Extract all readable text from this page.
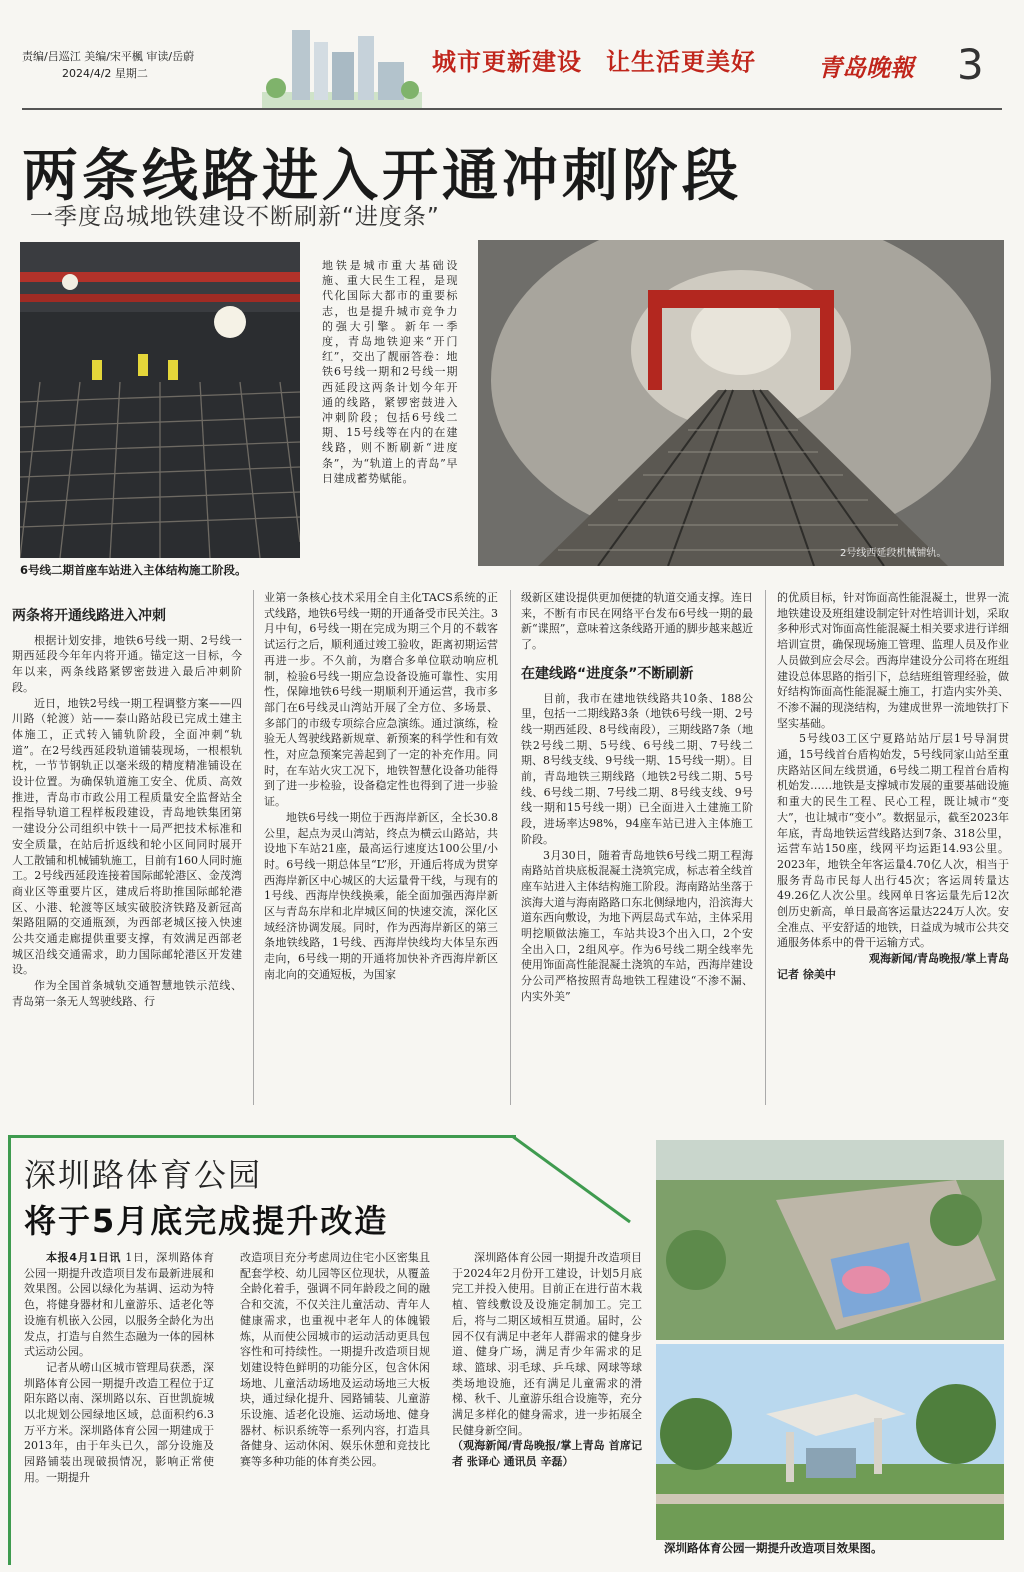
责编/吕巡江 美编/宋平楓 审读/岳蔚
2024/4/2 星期二	城市更新建设 让生活更美好	青岛晚報 3
两条线路进入开通冲刺阶段
一季度岛城地铁建设不断刷新“进度条”
6号线二期首座车站进入主体结构施工阶段。
地铁是城市重大基础设施、重大民生工程，是现代化国际大都市的重要标志，也是提升城市竞争力的强大引擎。新年一季度，青岛地铁迎来“开门红”，交出了靓丽答卷：地铁6号线一期和2号线一期西延段这两条计划今年开通的线路，紧锣密鼓进入冲刺阶段；包括6号线二期、15号线等在内的在建线路，则不断刷新“进度条”，为“轨道上的青岛”早日建成蓄势赋能。
2号线西延段机械铺轨。
两条将开通线路进入冲刺

根据计划安排，地铁6号线一期、2号线一期西延段今年年内将开通。锚定这一目标，今年以来，两条线路紧锣密鼓进入最后冲刺阶段。

近日，地铁2号线一期工程调整方案——四川路（轮渡）站——泰山路站段已完成土建主体施工，正式转入铺轨阶段，全面冲刺“轨道”。在2号线西延段轨道铺装现场，一根根轨枕，一节节钢轨正以毫米级的精度精准铺设在设计位置。为确保轨道施工安全、优质、高效推进，青岛市市政公用工程质量安全监督站全程指导轨道工程样板段建设，青岛地铁集团第一建设分公司组织中铁十一局严把技术标准和安全质量，在站后折返线和轮小区间同时展开人工散铺和机械铺轨施工，目前有160人同时施工。2号线西延段连接着国际邮轮港区、金茂湾商业区等重要片区，建成后将助推国际邮轮港区、小港、轮渡等区域实破胶济铁路及新冠高架路阻隔的交通瓶颈，为西部老城区接入快速公共交通走廊提供重要支撑，有效满足西部老城区沿线交通需求，助力国际邮轮港区开发建设。

作为全国首条城轨交通智慧地铁示范线、青岛第一条无人驾驶线路、行

业第一条核心技术采用全自主化TACS系统的正式线路，地铁6号线一期的开通备受市民关注。3月中旬，6号线一期在完成为期三个月的不载客试运行之后，顺利通过竣工验收，距离初期运营再进一步。不久前，为磨合多单位联动响应机制，检验6号线一期应急设备设施可靠性、实用性，保障地铁6号线一期顺利开通运营，我市多部门在6号线灵山湾站开展了全方位、多场景、多部门的市级专项综合应急演练。通过演练，检验无人驾驶线路新规章、新预案的科学性和有效性，对应急预案完善起到了一定的补充作用。同时，在车站火灾工况下，地铁智慧化设备功能得到了进一步检验，设备稳定性也得到了进一步验证。

地铁6号线一期位于西海岸新区，全长30.8公里，起点为灵山湾站，终点为横云山路站，共设地下车站21座，最高运行速度达100公里/小时。6号线一期总体呈“L”形，开通后将成为贯穿西海岸新区中心城区的大运量骨干线，与现有的1号线、西海岸快线换乘，能全面加强西海岸新区与青岛东岸和北岸城区间的快速交流，深化区域经济协调发展。同时，作为西海岸新区的第三条地铁线路，1号线、西海岸快线均大体呈东西走向，6号线一期的开通将加快补齐西海岸新区南北向的交通短板，为国家

级新区建设提供更加便捷的轨道交通支撑。连日来，不断有市民在网络平台发布6号线一期的最新“谍照”，意味着这条线路开通的脚步越来越近了。

在建线路“进度条”不断刷新

目前，我市在建地铁线路共10条、188公里，包括一二期线路3条（地铁6号线一期、2号线一期西延段、8号线南段），三期线路7条（地铁2号线二期、5号线、6号线二期、7号线二期、8号线支线、9号线一期、15号线一期）。目前，青岛地铁三期线路（地铁2号线二期、5号线、6号线二期、7号线二期、8号线支线、9号线一期和15号线一期）已全面进入土建施工阶段，进场率达98%，94座车站已进入主体施工阶段。

3月30日，随着青岛地铁6号线二期工程海南路站首块底板混凝土浇筑完成，标志着全线首座车站进入主体结构施工阶段。海南路站坐落于滨海大道与海南路路口东北侧绿地内，沿滨海大道东西向敷设，为地下两层岛式车站，主体采用明挖顺做法施工，车站共设3个出入口，2个安全出入口，2组风亭。作为6号线二期全线率先使用饰面高性能混凝土浇筑的车站，西海岸建设分公司严格按照青岛地铁工程建设“不渗不漏、内实外美”

的优质目标，针对饰面高性能混凝土，世界一流地铁建设及班组建设制定针对性培训计划，采取多种形式对饰面高性能混凝土相关要求进行详细培训宣贯，确保现场施工管理、监理人员及作业人员做到应会尽会。西海岸建设分公司将在班组建设总体思路的指引下，总结班组管理经验，做好结构饰面高性能混凝土施工，打造内实外美、不渗不漏的现浇结构，为建成世界一流地铁打下坚实基础。

5号线03工区宁夏路站站厅层1号导洞贯通，15号线首台盾构始发，5号线同家山站至重庆路站区间左线贯通，6号线二期工程首台盾构机始发……地铁是支撑城市发展的重要基础设施和重大的民生工程、民心工程，既让城市“变大”，也让城市“变小”。数据显示，截至2023年年底，青岛地铁运营线路达到7条、318公里，运营车站150座，线网平均运距14.93公里。2023年，地铁全年客运量4.70亿人次，相当于服务青岛市民每人出行45次；客运周转量达49.26亿人次公里。线网单日客运量先后12次创历史新高，单日最高客运量达224万人次。安全准点、平安舒适的地铁，日益成为城市公共交通服务体系中的骨干运输方式。

观海新闻/青岛晚报/掌上青岛

记者 徐美中

深圳路体育公园
将于5月底完成提升改造

本报4月1日讯 1日，深圳路体育公园一期提升改造项目发布最新进展和效果图。公园以绿化为基调、运动为特色，将健身器材和儿童游乐、适老化等设施有机嵌入公园，以服务全龄化为出发点，打造与自然生态融为一体的园林式运动公园。

记者从崂山区城市管理局获悉，深圳路体育公园一期提升改造工程位于辽阳东路以南、深圳路以东、百世凯旋城以北规划公园绿地区域，总面积约6.3万平方米。深圳路体育公园一期建成于2013年，由于年头已久，部分设施及园路铺装出现破损情况，影响正常使用。一期提升

改造项目充分考虑周边住宅小区密集且配套学校、幼儿园等区位现状，从覆盖全龄化着手，强调不同年龄段之间的融合和交流，不仅关注儿童活动、青年人健康需求，也重视中老年人的体魄锻炼，从而使公园城市的运动活动更具包容性和可持续性。一期提升改造项目规划建设特色鲜明的功能分区，包含休闲场地、儿童活动场地及运动场地三大板块，通过绿化提升、园路铺装、儿童游乐设施、适老化设施、运动场地、健身器材、标识系统等一系列内容，打造具备健身、运动休闲、娱乐休憩和竞技比赛等多种功能的体育类公园。

深圳路体育公园一期提升改造项目于2024年2月份开工建设，计划5月底完工并投入使用。目前正在进行苗木栽植、管线敷设及设施定制加工。完工后，将与二期区域相互贯通。届时，公园不仅有满足中老年人群需求的健身步道、健身广场，满足青少年需求的足球、篮球、羽毛球、乒乓球、网球等球类场地设施，还有满足儿童需求的滑梯、秋千、儿童游乐组合设施等，充分满足多样化的健身需求，进一步拓展全民健身新空间。

（观海新闻/青岛晚报/掌上青岛 首席记者 张译心 通讯员 辛磊）

深圳路体育公园一期提升改造项目效果图。
